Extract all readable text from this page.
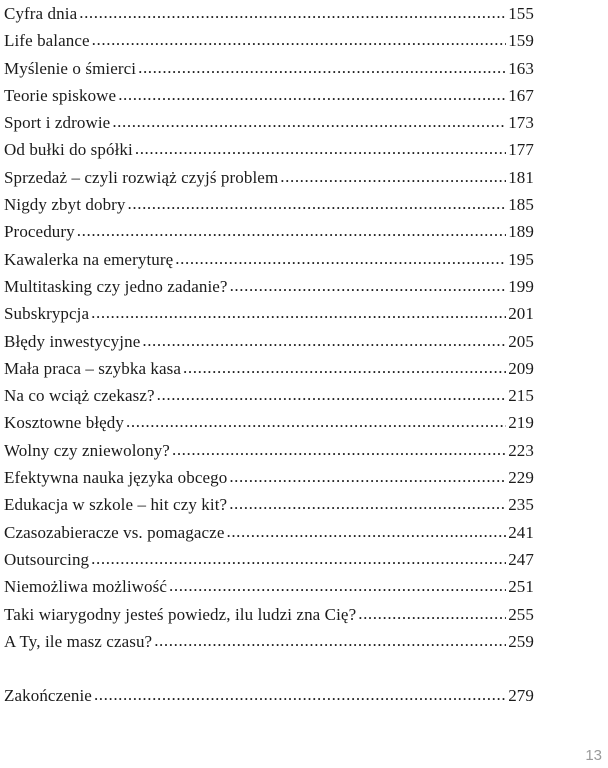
Cyfra dnia .....	155
Life balance .....	159
Myślenie o śmierci .....	163
Teorie spiskowe .....	167
Sport i zdrowie .....	173
Od bułki do spółki .....	177
Sprzedaż – czyli rozwiąż czyjś problem .....	181
Nigdy zbyt dobry .....	185
Procedury .....	189
Kawalerka na emeryturę .....	195
Multitasking czy jedno zadanie? .....	199
Subskrypcja .....	201
Błędy inwestycyjne .....	205
Mała praca – szybka kasa .....	209
Na co wciąż czekasz? .....	215
Kosztowne błędy .....	219
Wolny czy zniewolony? .....	223
Efektywna nauka języka obcego .....	229
Edukacja w szkole – hit czy kit? .....	235
Czasozabieracze vs. pomagacze .....	241
Outsourcing .....	247
Niemożliwa możliwość .....	251
Taki wiarygodny jesteś powiedz, ilu ludzi zna Cię? .....	255
A Ty, ile masz czasu? .....	259
Zakończenie .....	279
13
